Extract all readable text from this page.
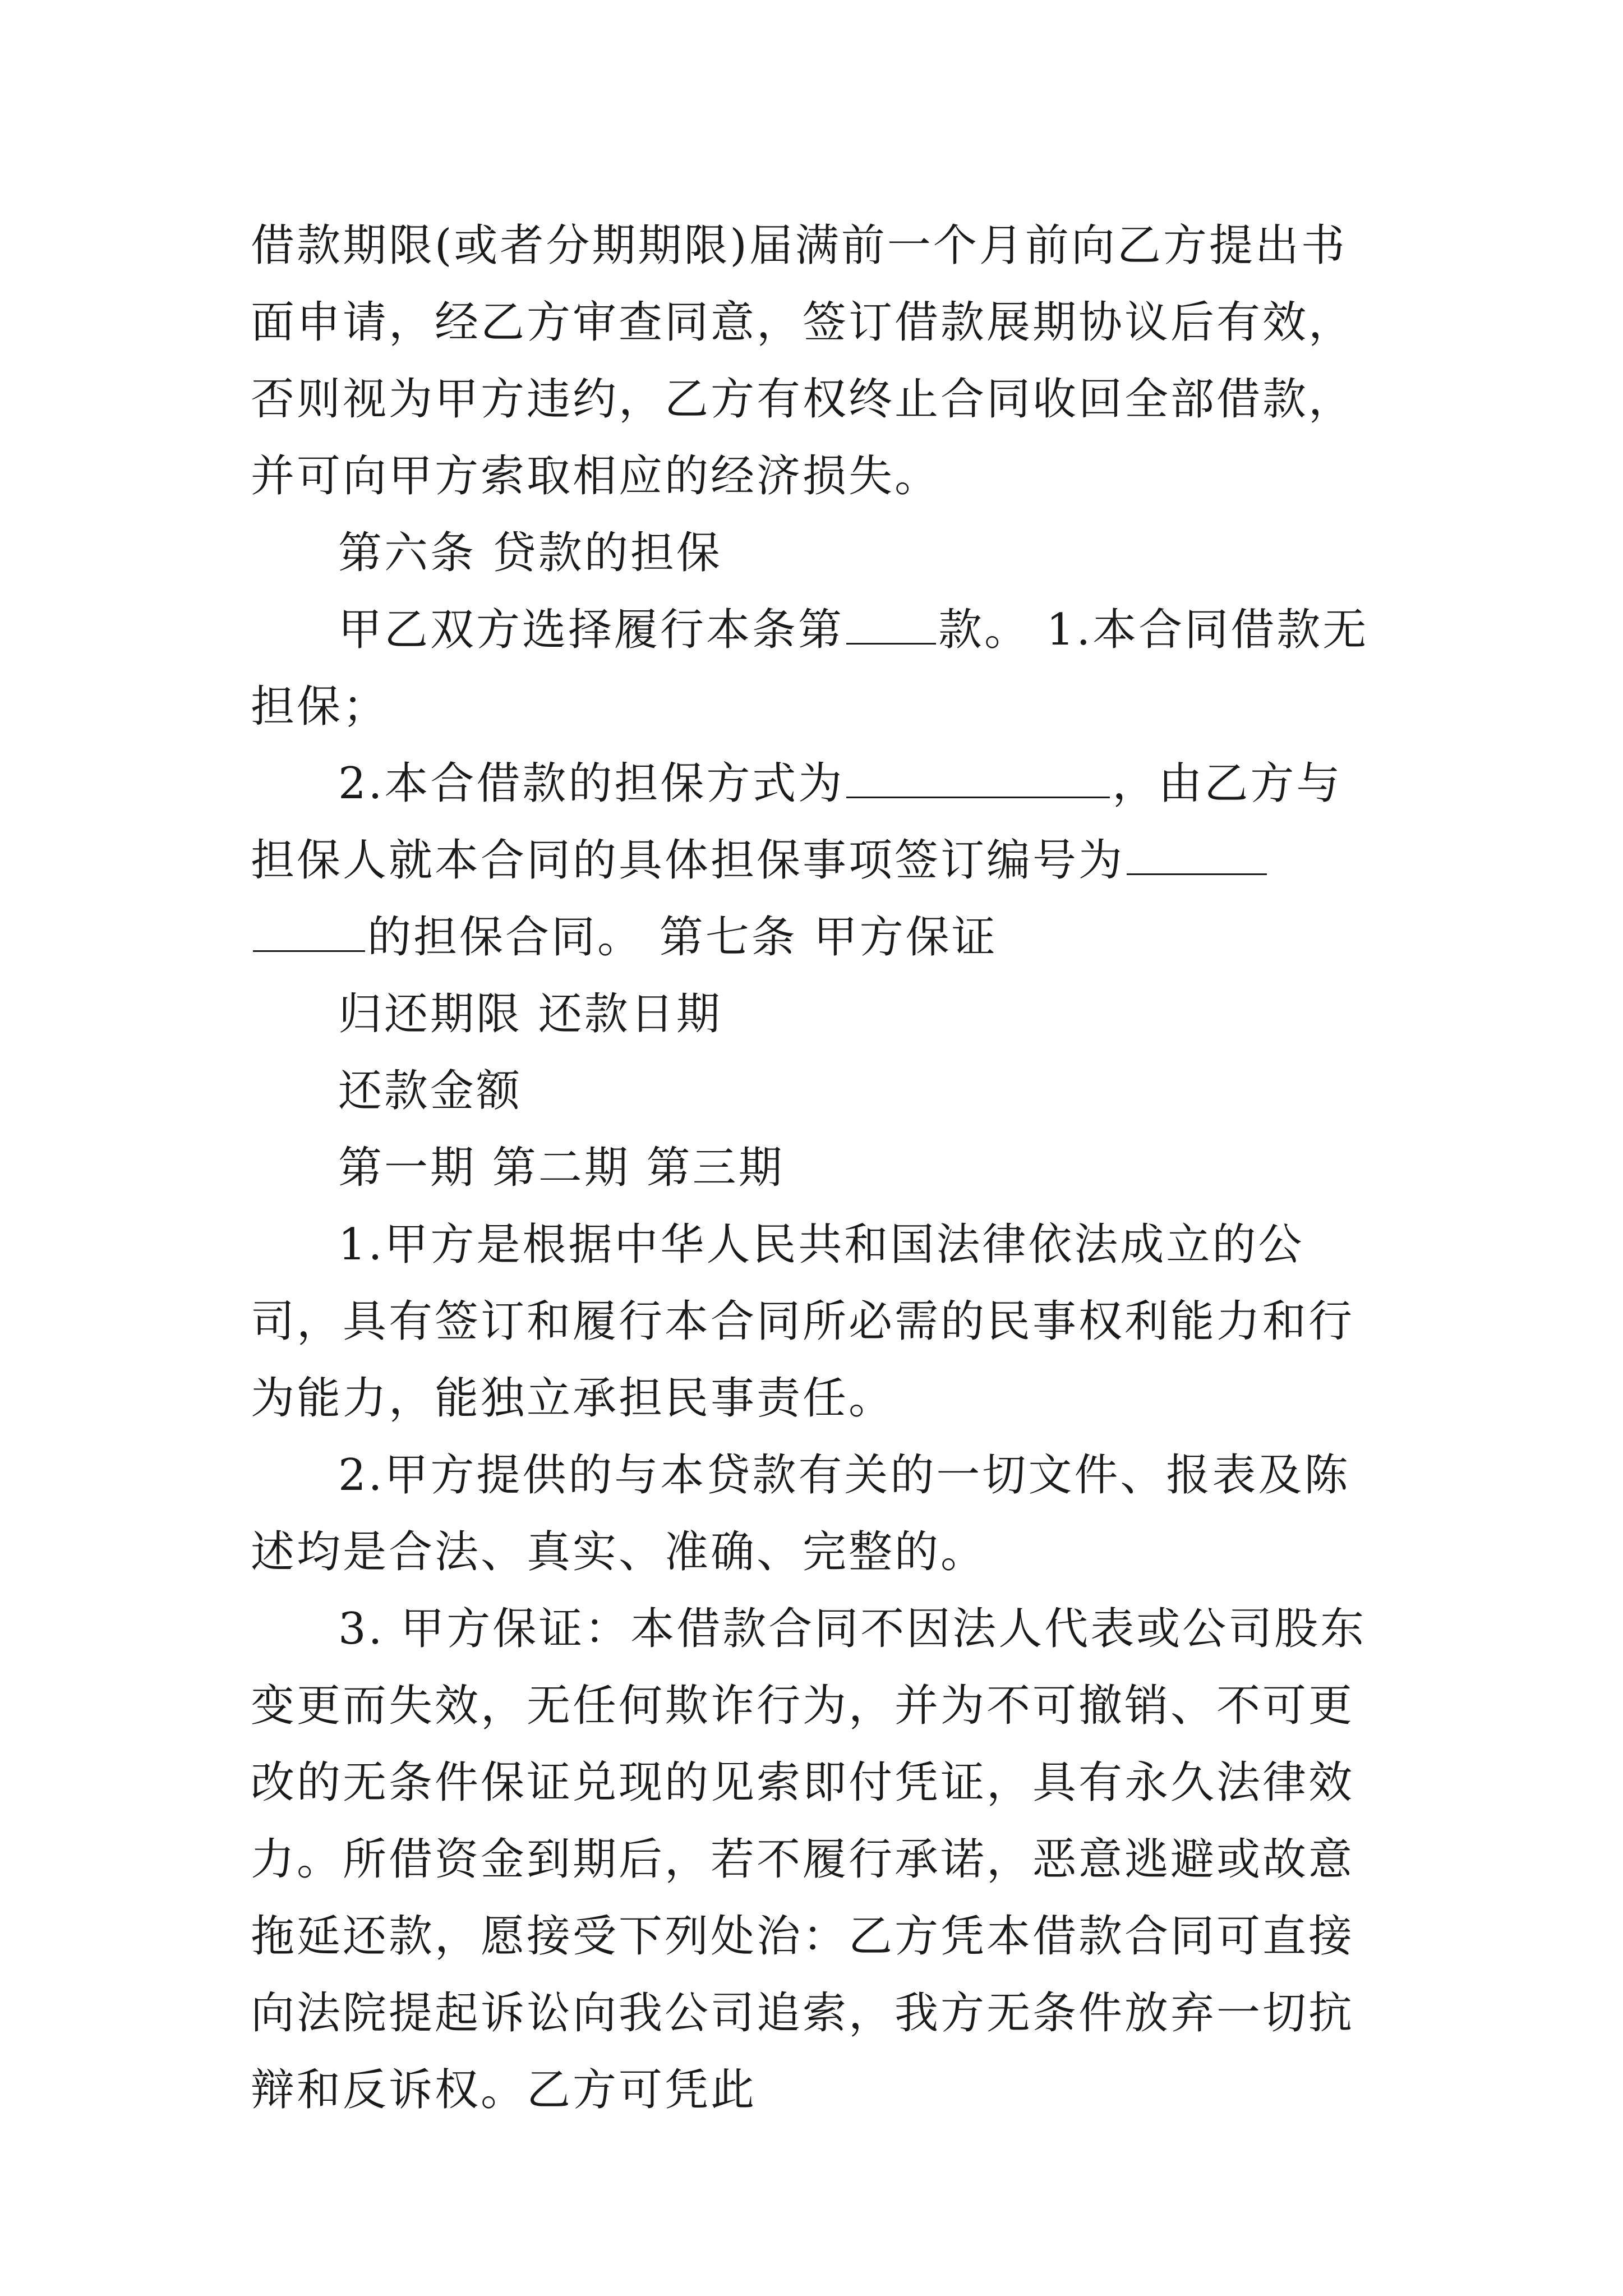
借款期限(或者分期期限)届满前一个月前向乙方提出书面申请，经乙方审查同意，签订借款展期协议后有效，否则视为甲方违约，乙方有权终止合同收回全部借款，并可向甲方索取相应的经济损失。

第六条 贷款的担保

甲乙双方选择履行本条第 款。 1.本合同借款无担保；

2.本合借款的担保方式为	，由乙方与担保人就本合同的具体担保事项签订编号为的担保合同。 第七条 甲方保证

归还期限 还款日期

还款金额

第一期 第二期 第三期

1.甲方是根据中华人民共和国法律依法成立的公司，具有签订和履行本合同所必需的民事权利能力和行为能力，能独立承担民事责任。

2.甲方提供的与本贷款有关的一切文件、报表及陈述均是合法、真实、准确、完整的。

3. 甲方保证：本借款合同不因法人代表或公司股东变更而失效，无任何欺诈行为，并为不可撤销、不可更改的无条件保证兑现的见索即付凭证，具有永久法律效力。所借资金到期后，若不履行承诺，恶意逃避或故意拖延还款，愿接受下列处治：乙方凭本借款合同可直接向法院提起诉讼向我公司追索，我方无条件放弃一切抗辩和反诉权。乙方可凭此
